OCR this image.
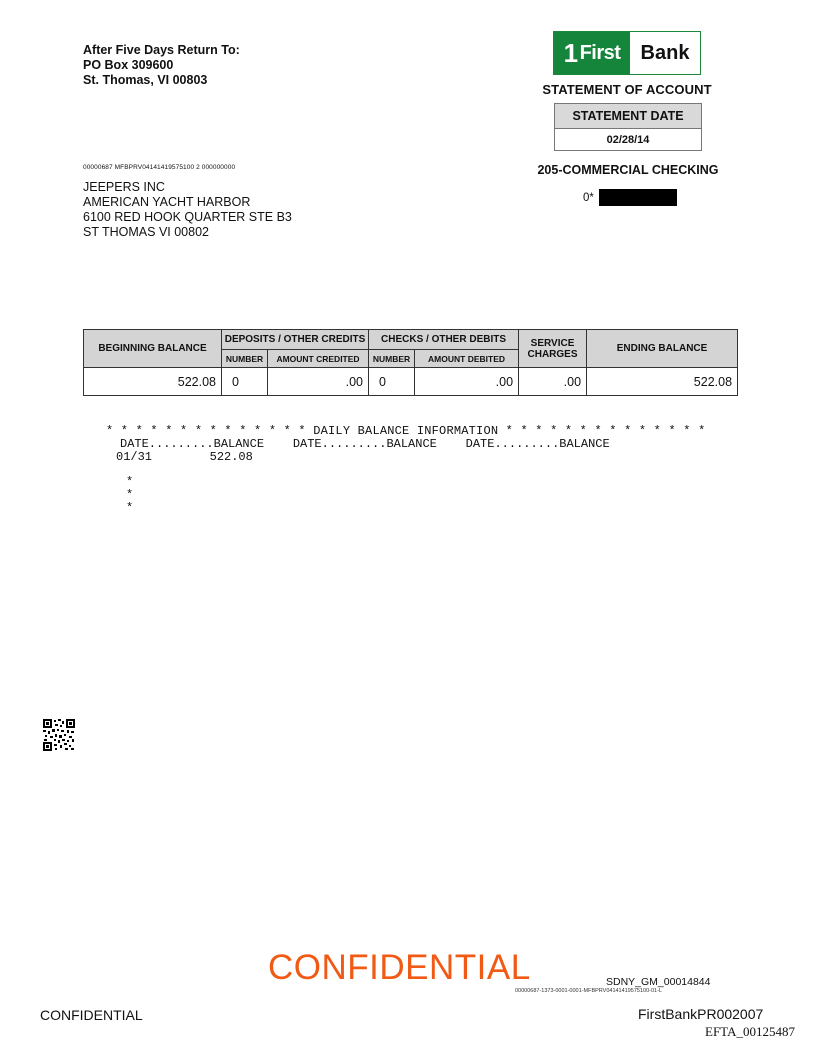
After Five Days Return To:
PO Box 309600
St. Thomas, VI 00803
1 First	Bank
STATEMENT OF ACCOUNT
STATEMENT DATE
02/28/14
205-COMMERCIAL CHECKING
0*
00000687 MFBPRV04141419575100 2 000000000
JEEPERS INC
AMERICAN YACHT HARBOR
6100 RED HOOK QUARTER STE B3
ST THOMAS VI 00802
BEGINNING BALANCE	DEPOSITS / OTHER CREDITS		CHECKS / OTHER DEBITS		SERVICE CHARGES	ENDING BALANCE
	NUMBER	AMOUNT CREDITED	NUMBER	AMOUNT DEBITED		
522.08	0	.00	0	.00	.00	522.08
* * * * * * * * * * * * * * DAILY BALANCE INFORMATION * * * * * * * * * * * * * *
DATE.........BALANCE    DATE.........BALANCE    DATE.........BALANCE
01/31        522.08
*
*
*
CONFIDENTIAL	SDNY_GM_00014844
00000687-1373-0001-0001-MFBPRV04141419575100-01-L
CONFIDENTIAL	FirstBankPR002007
EFTA_00125487
